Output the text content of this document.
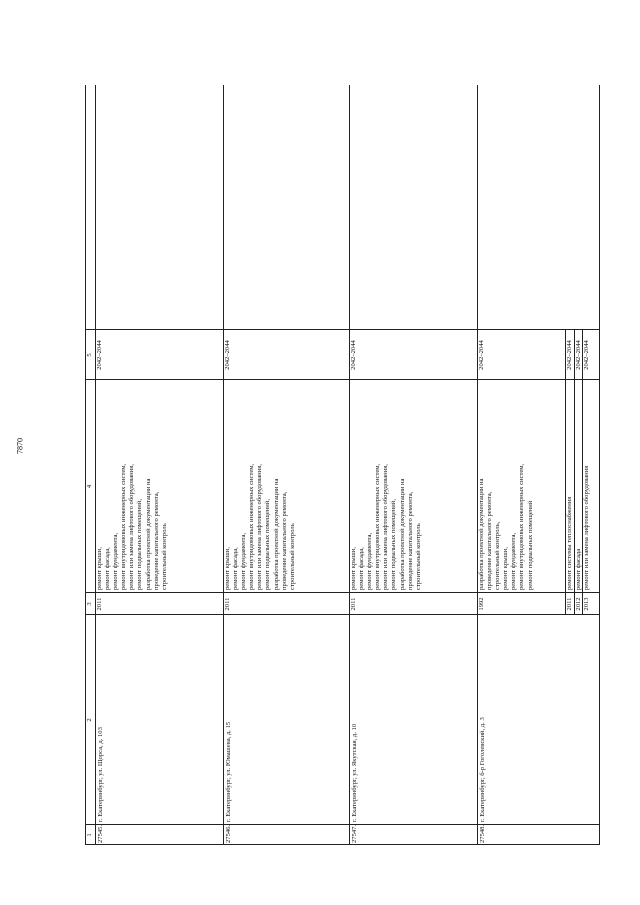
7870
1
2
3
4
5
27545.
г. Екатеринбург, ул. Щорса, д. 103
2011
ремонт крыши, ремонт фасада, ремонт фундамента, ремонт внутридомовых инженерных систем, ремонт или замена лифтового оборудования, ремонт подвальных помещений, разработка проектной документации на проведение капитального ремонта, строительный контроль
2042–2044
27546.
г. Екатеринбург, ул. Юмашева, д. 15
2011
ремонт крыши, ремонт фасада, ремонт фундамента, ремонт внутридомовых инженерных систем, ремонт или замена лифтового оборудования, ремонт подвальных помещений, разработка проектной документации на проведение капитального ремонта, строительный контроль
2042–2044
27547.
г. Екатеринбург, ул. Якутская, д. 10
2011
ремонт крыши, ремонт фасада, ремонт фундамента, ремонт внутридомовых инженерных систем, ремонт или замена лифтового оборудования, ремонт подвальных помещений, разработка проектной документации на проведение капитального ремонта, строительный контроль
2042–2044
27548.
г. Екатеринбург, б-р Гоголевский, д. 3
1992
разработка проектной документации на проведение капитального ремонта, строительный контроль, ремонт крыши, ремонт фундамента, ремонт внутридомовых инженерных систем, ремонт подвальных помещений
2042–2044
2011
ремонт системы теплоснабжения
2042–2044
2012
ремонт фасада
2042–2044
2013
ремонт или замена лифтового оборудования
2042–2044
